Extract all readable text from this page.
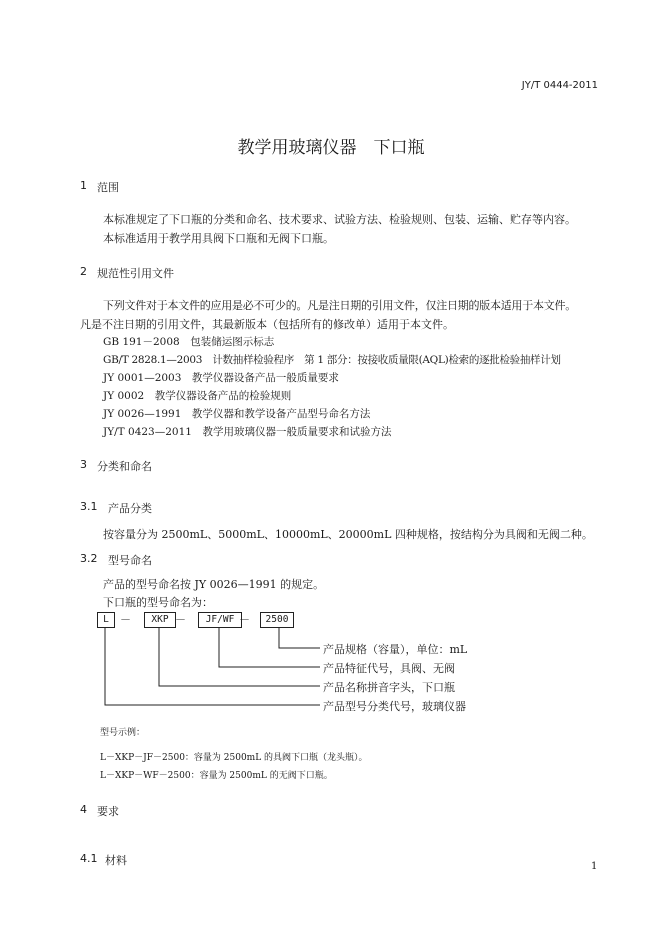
JY/T 0444-2011
教学用玻璃仪器　下口瓶
1 范围
本标准规定了下口瓶的分类和命名、技术要求、试验方法、检验规则、包装、运输、贮存等内容。
本标准适用于教学用具阀下口瓶和无阀下口瓶。
2 规范性引用文件
下列文件对于本文件的应用是必不可少的。凡是注日期的引用文件，仅注日期的版本适用于本文件。
凡是不注日期的引用文件，其最新版本（包括所有的修改单）适用于本文件。
GB 191－2008　包装储运图示标志
GB/T 2828.1—2003　计数抽样检验程序　第 1 部分：按接收质量限(AQL)检索的逐批检验抽样计划
JY 0001—2003　教学仪器设备产品一般质量要求
JY 0002　教学仪器设备产品的检验规则
JY 0026—1991　教学仪器和教学设备产品型号命名方法
JY/T 0423—2011　教学用玻璃仪器一般质量要求和试验方法
3 分类和命名
3.1 产品分类
按容量分为 2500mL、5000mL、10000mL、20000mL 四种规格，按结构分为具阀和无阀二种。
3.2 型号命名
产品的型号命名按 JY 0026—1991 的规定。
下口瓶的型号命名为：
L	－	XKP －	JF/WF －	2500
产品规格（容量），单位：mL
产品特征代号，具阀、无阀
产品名称拼音字头，下口瓶
产品型号分类代号，玻璃仪器
型号示例：
L－XKP－JF－2500：容量为 2500mL 的具阀下口瓶（龙头瓶）。
L－XKP－WF－2500：容量为 2500mL 的无阀下口瓶。
4 要求
4.1 材料	1
